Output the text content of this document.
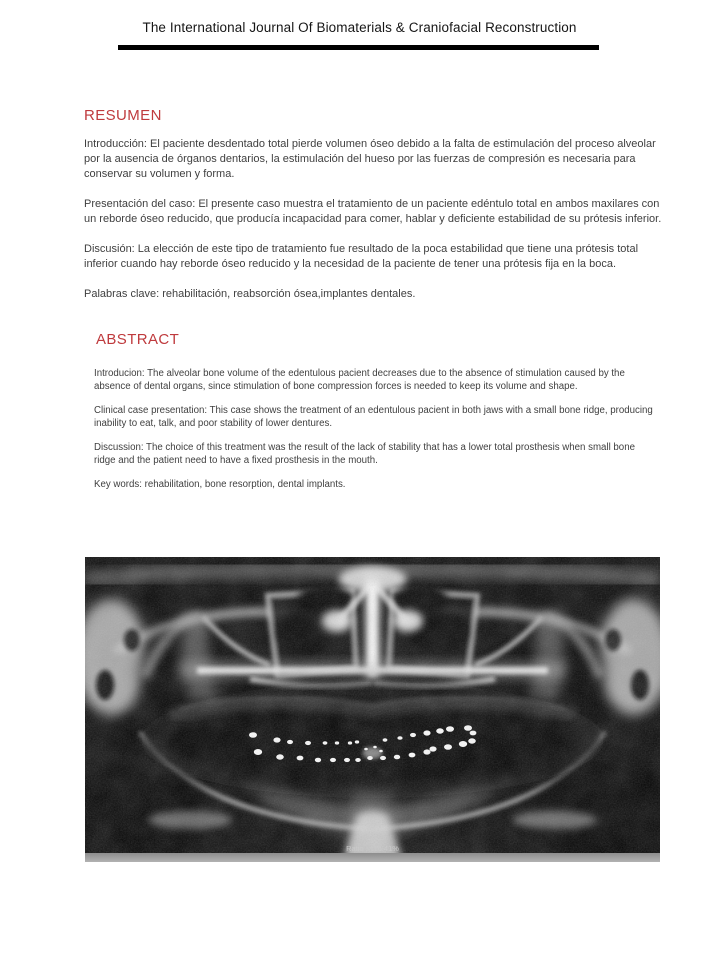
The International Journal Of Biomaterials & Craniofacial Reconstruction
RESUMEN

Introducción: El paciente desdentado total pierde volumen óseo debido a la falta de estimulación del proceso alveolar por la ausencia de órganos dentarios, la estimulación del hueso por las fuerzas de compresión es necesaria para conservar su volumen y forma.

Presentación del caso: El presente caso muestra el tratamiento de un paciente edéntulo total en ambos maxilares con un reborde óseo reducido, que producía incapacidad para comer, hablar y deficiente estabilidad de su prótesis inferior.

Discusión: La elección de este tipo de tratamiento fue resultado de la poca estabilidad que tiene una prótesis total inferior cuando hay reborde óseo reducido y la necesidad de la paciente de tener una prótesis fija en la boca.

Palabras clave: rehabilitación, reabsorción ósea,implantes dentales.

ABSTRACT

Introducion: The alveolar bone volume of the edentulous pacient decreases due to the absence of stimulation caused by the absence of dental organs, since stimulation of bone compression forces is needed to keep its volume and shape.

Clinical case presentation: This case shows the treatment of an edentulous pacient in both jaws with a small bone ridge, producing inability to eat, talk, and poor stability of lower dentures.

Discussion: The choice of this treatment was the result of the lack of stability that has a lower total prosthesis when small bone ridge and the patient need to have a fixed prosthesis in the mouth.

Key words: rehabilitation, bone resorption, dental implants.

Ratio : 116.41%
